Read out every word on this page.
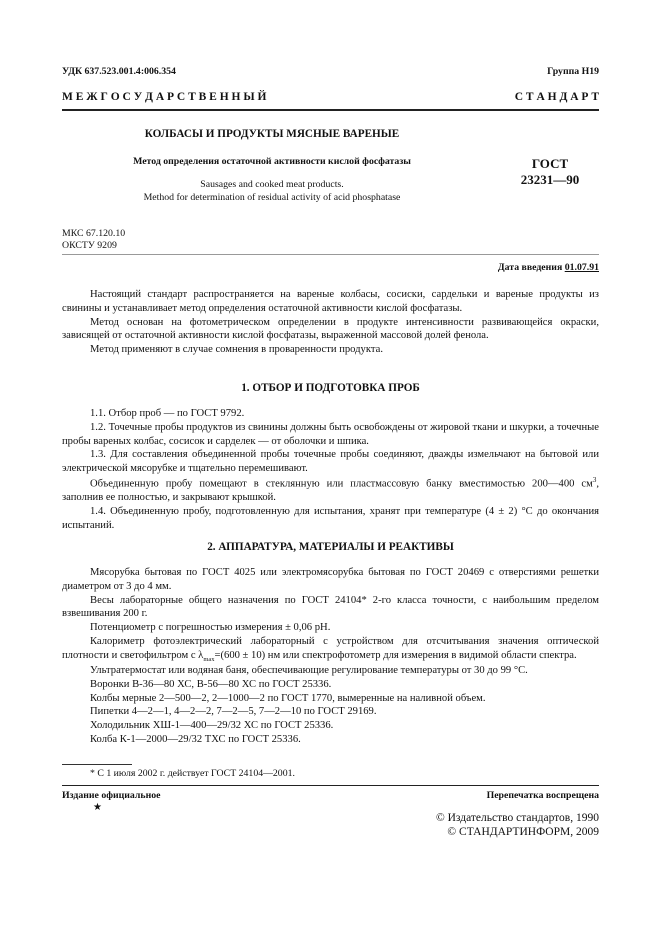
УДК 637.523.001.4:006.354	Группа Н19
М Е Ж Г О С У Д А Р С Т В Е Н Н Ы Й	С Т А Н Д А Р Т
КОЛБАСЫ И ПРОДУКТЫ МЯСНЫЕ ВАРЕНЫЕ
Метод определения остаточной активности кислой фосфатазы
Sausages and cooked meat products.
Method for determination of residual activity of acid phosphatase
ГОСТ
23231—90
МКС 67.120.10
ОКСТУ 9209
Дата введения 01.07.91

Настоящий стандарт распространяется на вареные колбасы, сосиски, сардельки и вареные продукты из свинины и устанавливает метод определения остаточной активности кислой фосфатазы.

Метод основан на фотометрическом определении в продукте интенсивности развивающейся окраски, зависящей от остаточной активности кислой фосфатазы, выраженной массовой долей фенола.

Метод применяют в случае сомнения в проваренности продукта.

1. ОТБОР И ПОДГОТОВКА ПРОБ

1.1. Отбор проб — по ГОСТ 9792.

1.2. Точечные пробы продуктов из свинины должны быть освобождены от жировой ткани и шкурки, а точечные пробы вареных колбас, сосисок и сарделек — от оболочки и шпика.

1.3. Для составления объединенной пробы точечные пробы соединяют, дважды измельчают на бытовой или электрической мясорубке и тщательно перемешивают.

Объединенную пробу помещают в стеклянную или пластмассовую банку вместимостью 200—400 $см^3$, заполнив ее полностью, и закрывают крышкой.

1.4. Объединенную пробу, подготовленную для испытания, хранят при температуре (4 ± 2) °С до окончания испытаний.

2. АППАРАТУРА, МАТЕРИАЛЫ И РЕАКТИВЫ

Мясорубка бытовая по ГОСТ 4025 или электромясорубка бытовая по ГОСТ 20469 с отверстиями решетки диаметром от 3 до 4 мм.

Весы лабораторные общего назначения по ГОСТ 24104* 2-го класса точности, с наибольшим пределом взвешивания 200 г.

Потенциометр с погрешностью измерения ± 0,06 рН.

Калориметр фотоэлектрический лабораторный с устройством для отсчитывания значения оптической плотности и светофильтром с $\lambda_{max}=(600 \pm 10)$ нм или спектрофотометр для измерения в видимой области спектра.

Ультратермостат или водяная баня, обеспечивающие регулирование температуры от 30 до 99 °С.

Воронки В-36—80 ХС, В-56—80 ХС по ГОСТ 25336.

Колбы мерные 2—500—2, 2—1000—2 по ГОСТ 1770, вымеренные на наливной объем.

Пипетки 4—2—1, 4—2—2, 7—2—5, 7—2—10 по ГОСТ 29169.

Холодильник ХШ-1—400—29/32 ХС по ГОСТ 25336.

Колба К-1—2000—29/32 ТХС по ГОСТ 25336.

* С 1 июля 2002 г. действует ГОСТ 24104—2001.
Издание официальное
★
Перепечатка воспрещена
© Издательство стандартов, 1990
© СТАНДАРТИНФОРМ, 2009
